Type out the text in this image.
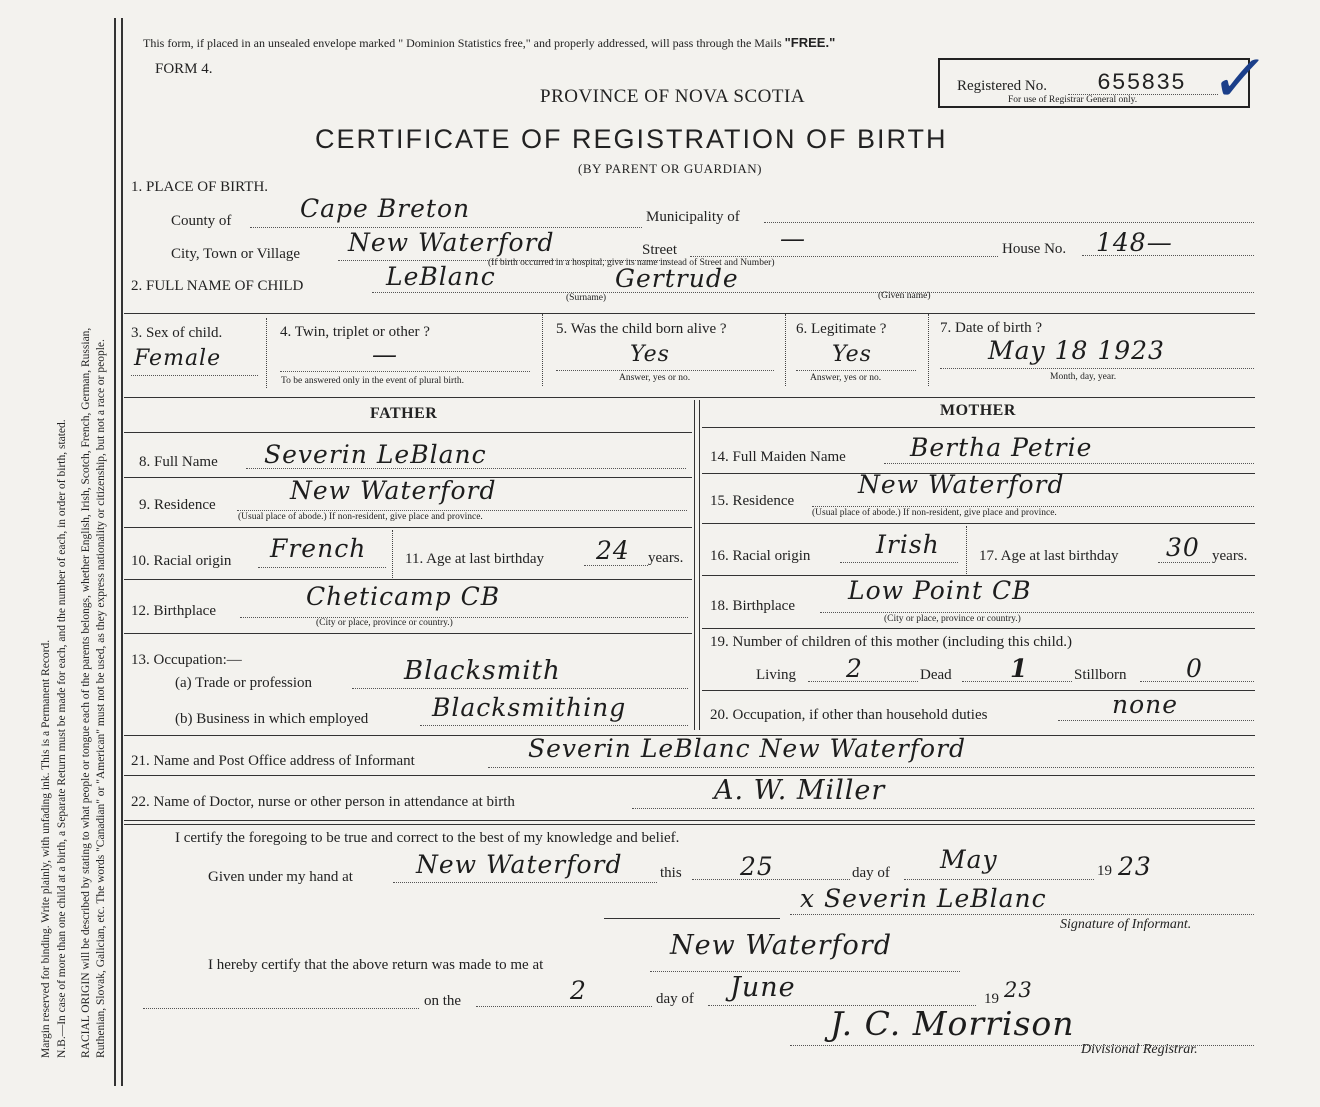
Margin reserved for binding. Write plainly, with unfading ink. This is a Permanent Record. N.B.—In case of more than one child at a birth, a Separate Return must be made for each, and the number of each, in order of birth, stated. RACIAL ORIGIN will be described by stating to what people or tongue each of the parents belongs, whether English, Irish, Scotch, French, German, Russian, Ruthenian, Slovak, Galician, etc. The words "Canadian" or "American" must not be used, as they express nationality or citizenship, but not a race or people.
This form, if placed in an unsealed envelope marked " Dominion Statistics free," and properly addressed, will pass through the Mails "FREE."
FORM 4.
Registered No. 655835
For use of Registrar General only. ✓
PROVINCE OF NOVA SCOTIA
CERTIFICATE OF REGISTRATION OF BIRTH
(BY PARENT OR GUARDIAN)
1. PLACE OF BIRTH.
County of	Cape Breton	Municipality of
City, Town or Village New Waterford	Street	—	House No. 148—
(If birth occurred in a hospital, give its name instead of Street and Number)
2. FULL NAME OF CHILD	LeBlanc	Gertrude
(Surname)	(Given name)
3. Sex of child.
Female
4. Twin, triplet or other ?
—
To be answered only in the event of plural birth.
5. Was the child born alive ?
Yes
Answer, yes or no.
6. Legitimate ?
Yes
Answer, yes or no.
7. Date of birth ?
May 18 1923
Month, day, year.
FATHER	MOTHER
8. Full Name Severin LeBlanc
9. Residence	New Waterford
(Usual place of abode.) If non-resident, give place and province.
10. Racial origin French	11. Age at last birthday 24 years.
12. Birthplace	Cheticamp CB
(City or place, province or country.)
13. Occupation:—
(a) Trade or profession	Blacksmith
(b) Business in which employed	Blacksmithing
14. Full Maiden Name	Bertha Petrie
15. Residence
New Waterford
(Usual place of abode.) If non-resident, give place and province.
16. Racial origin	Irish	17. Age at last birthday 30 years.
18. Birthplace
Low Point CB
(City or place, province or country.)
19. Number of children of this mother (including this child.)
Living 2	Dead 1	Stillborn 0
20. Occupation, if other than household duties	none
21. Name and Post Office address of Informant	Severin LeBlanc New Waterford
22. Name of Doctor, nurse or other person in attendance at birth	A. W. Miller
I certify the foregoing to be true and correct to the best of my knowledge and belief.
Given under my hand at	New Waterford	this 25	day of May	19 23
x Severin LeBlanc
Signature of Informant.
I hereby certify that the above return was made to me at
New Waterford
on the	2	day of June	19 23
J. C. Morrison
Divisional Registrar.
